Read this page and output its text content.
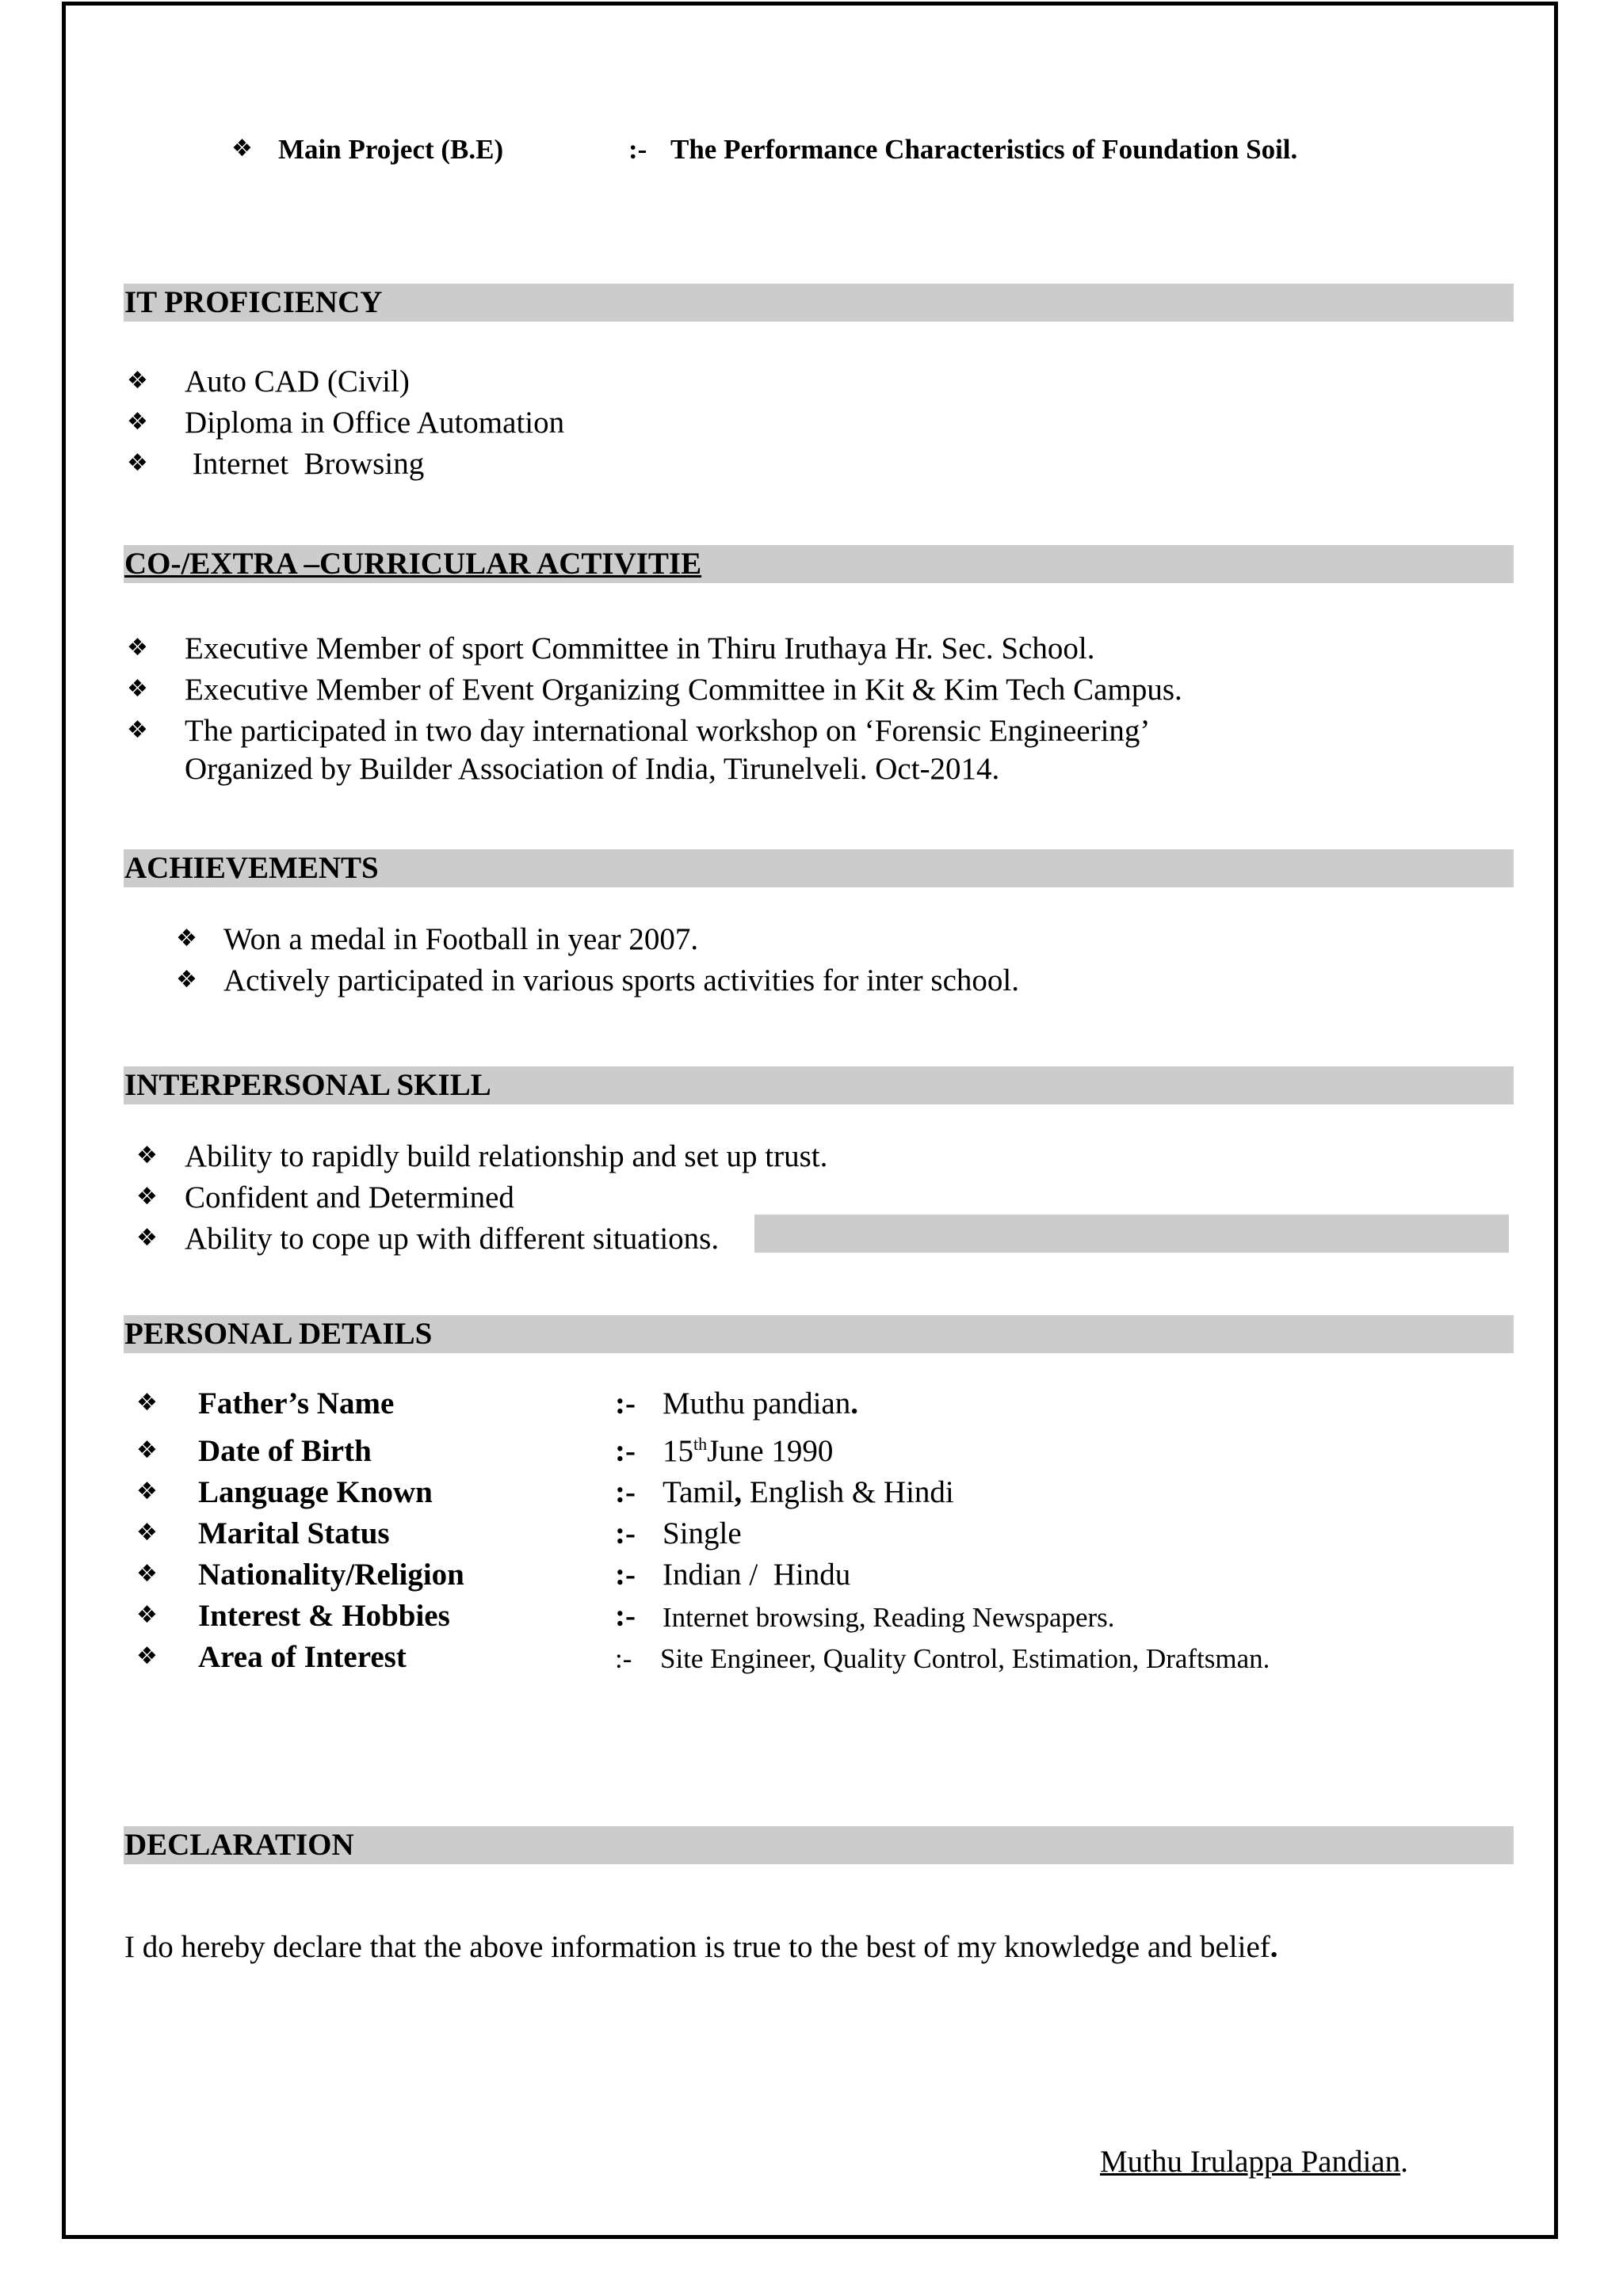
❖ Main Project (B.E)	:- The Performance Characteristics of Foundation Soil.
IT PROFICIENCY
❖ Auto CAD (Civil)
❖ Diploma in Office Automation
❖ Internet  Browsing
CO-/EXTRA –CURRICULAR ACTIVITIE
❖ Executive Member of sport Committee in Thiru Iruthaya Hr. Sec. School.
❖ Executive Member of Event Organizing Committee in Kit & Kim Tech Campus.
❖ The participated in two day international workshop on ‘Forensic Engineering’
Organized by Builder Association of India, Tirunelveli. Oct-2014.
ACHIEVEMENTS
❖ Won a medal in Football in year 2007.
❖ Actively participated in various sports activities for inter school.
INTERPERSONAL SKILL
❖ Ability to rapidly build relationship and set up trust.
❖ Confident and Determined
❖ Ability to cope up with different situations.
PERSONAL DETAILS
❖ Father’s Name	:- Muthu pandian.
❖ Date of Birth	:- 15thJune 1990
❖ Language Known	:- Tamil, English & Hindi
❖ Marital Status	:- Single
❖ Nationality/Religion	:- Indian /  Hindu
❖ Interest & Hobbies	:- Internet browsing, Reading Newspapers.
❖ Area of Interest	:- Site Engineer, Quality Control, Estimation, Draftsman.
DECLARATION
I do hereby declare that the above information is true to the best of my knowledge and belief.
Muthu Irulappa Pandian.
